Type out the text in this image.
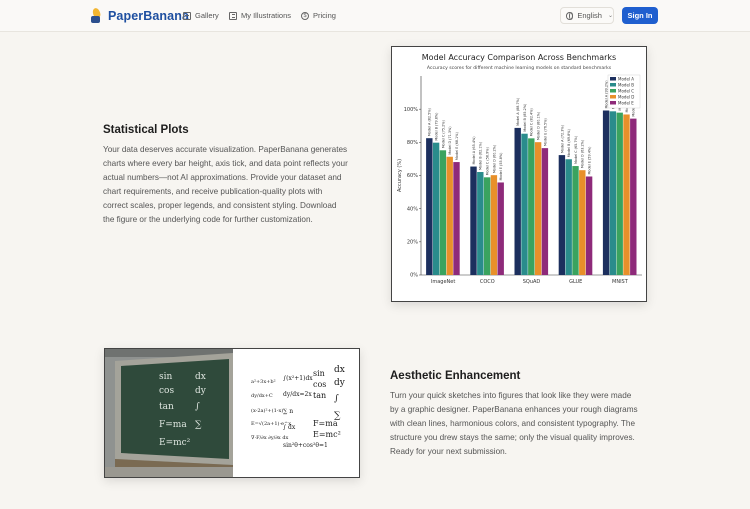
PaperBanana Gallery	My Illustrations	$ Pricing	English ⌄	Sign In
Statistical Plots
Your data deserves accurate visualization. PaperBanana generates
charts where every bar height, axis tick, and data point reflects your
actual numbers—not AI approximations. Provide your dataset and
chart requirements, and receive publication-quality plots with
correct scales, proper legends, and consistent styling. Download
the figure or the underlying code for further customization.
Model Accuracy Comparison Across Benchmarks
Accuracy scores for different machine learning models on standard benchmarks
0%
20%
40%
60%
80%
100%
Accuracy (%)
Model A (82.5%) Model B (79.8%) Model C (75.2%) Model D (71.3%) Model E (68.1%)
ImageNet
Model A (65.4%) Model B (62.1%) Model C (58.9%) Model D (60.2%) Model E (55.8%)
COCO
Model A (88.7%) Model B (85.2%) Model C (82.4%) Model D (80.1%) Model E (76.5%)
SQuAD
Model A (72.3%) Model B (69.8%) Model C (65.7%) Model D (63.2%) Model E (59.4%)
GLUE
Model A (99.2%)
MNIST
Model A
Model B
Model C
Model D
Model E
sin	dx
cos dy
tan ∫
F=ma ∑
E=mc²
a²+3x+b²
dy/dx+C
(x-2a)²+(1-x)
E=√(2a+1)·e^x
∇·F/∂x ∂y/∂x dx
∫(x²+1)dx
dy/dx=2x
∑ n
∫ dx
sin²θ+cos²θ=1
sin
cos
tan
F=ma
E=mc²
dx
dy
∫
∑
Aesthetic Enhancement
Turn your quick sketches into figures that look like they were made
by a graphic designer. PaperBanana enhances your rough diagrams
with clean lines, harmonious colors, and consistent typography. The
structure you drew stays the same; only the visual quality improves.
Ready for your next submission.
